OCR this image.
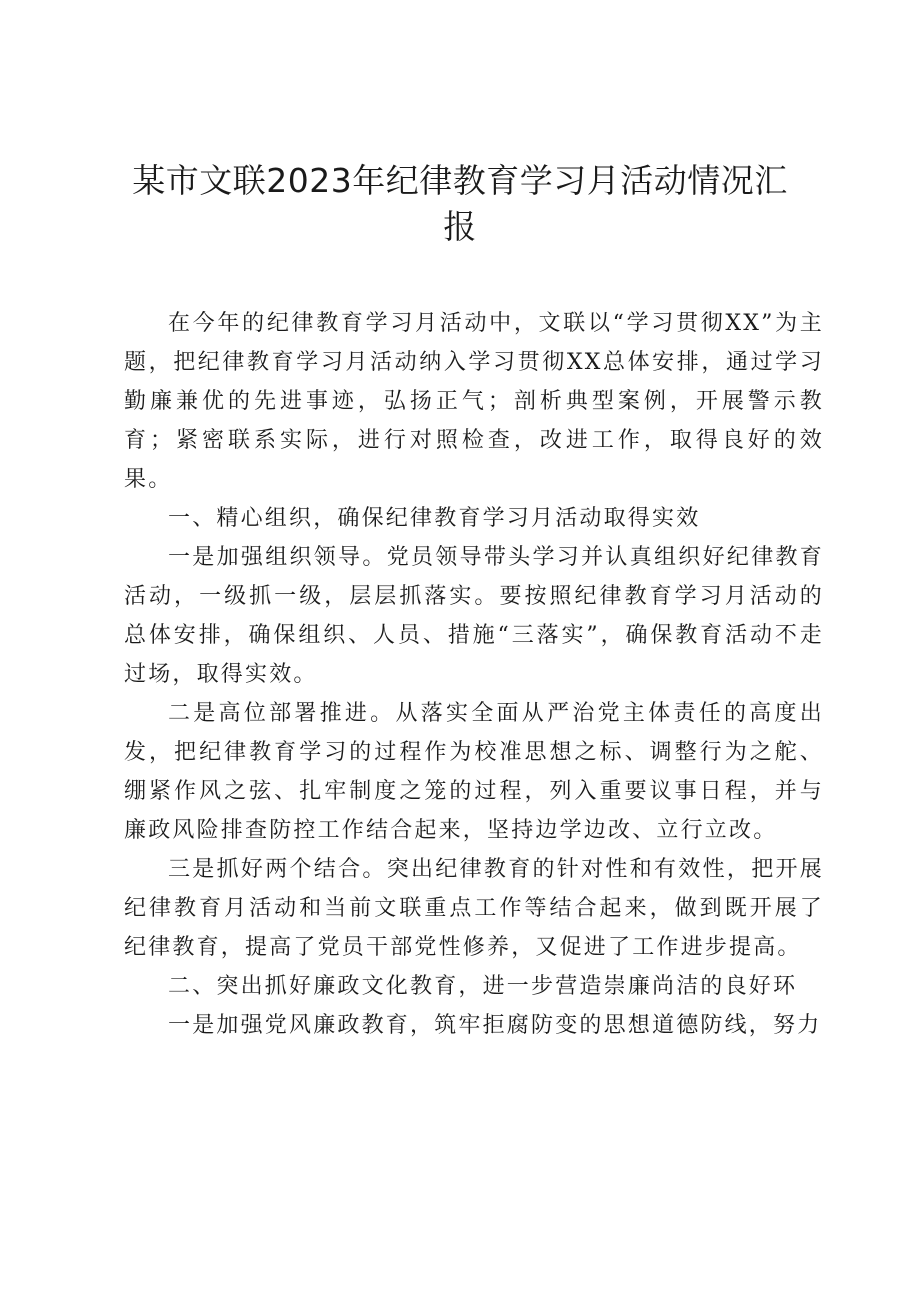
某市文联2023年纪律教育学习月活动情况汇报

在今年的纪律教育学习月活动中，文联以“学习贯彻XX”为主题，把纪律教育学习月活动纳入学习贯彻XX总体安排，通过学习勤廉兼优的先进事迹，弘扬正气；剖析典型案例，开展警示教育；紧密联系实际，进行对照检查，改进工作，取得良好的效果。

一、精心组织，确保纪律教育学习月活动取得实效

一是加强组织领导。党员领导带头学习并认真组织好纪律教育活动，一级抓一级，层层抓落实。要按照纪律教育学习月活动的总体安排，确保组织、人员、措施“三落实”，确保教育活动不走过场，取得实效。

二是高位部署推进。从落实全面从严治党主体责任的高度出发，把纪律教育学习的过程作为校准思想之标、调整行为之舵、绷紧作风之弦、扎牢制度之笼的过程，列入重要议事日程，并与廉政风险排查防控工作结合起来，坚持边学边改、立行立改。

三是抓好两个结合。突出纪律教育的针对性和有效性，把开展纪律教育月活动和当前文联重点工作等结合起来，做到既开展了纪律教育，提高了党员干部党性修养，又促进了工作进步提高。

二、突出抓好廉政文化教育，进一步营造崇廉尚洁的良好环

一是加强党风廉政教育，筑牢拒腐防变的思想道德防线，努力
